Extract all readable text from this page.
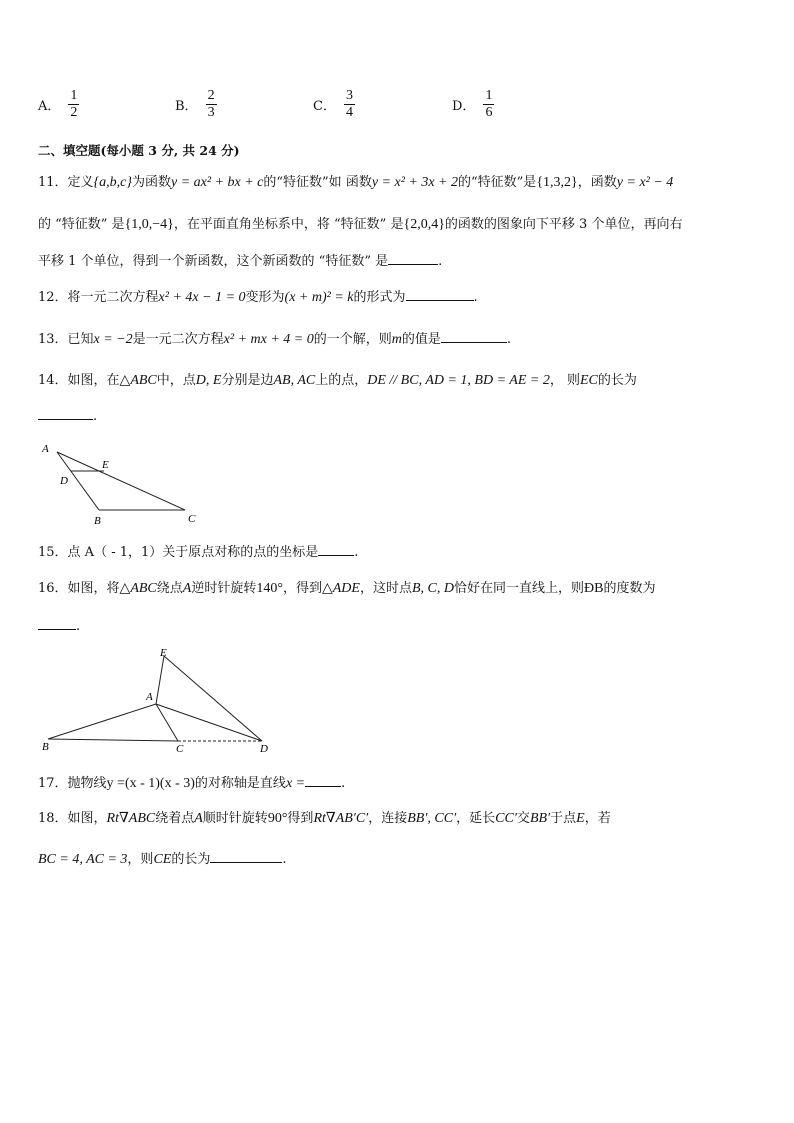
A． $\frac{1}{2}$	B． $\frac{2}{3}$	C． $\frac{3}{4}$	D． $\frac{1}{6}$
二、填空题(每小题 3 分, 共 24 分)
11．定义{a,b,c}为函数y = ax² + bx + c的“特征数”如 函数y = x² + 3x + 2的“特征数”是{1,3,2}，函数y = x² − 4
的 “特征数” 是{1,0,−4}，在平面直角坐标系中，将 “特征数” 是{2,0,4}的函数的图象向下平移 3 个单位，再向右
平移 1 个单位，得到一个新函数，这个新函数的 “特征数” 是	.
12．将一元二次方程x² + 4x − 1 = 0变形为(x + m)² = k的形式为	.
13．已知x = −2是一元二次方程x² + mx + 4 = 0的一个解，则m的值是	.
14．如图，在△ABC中，点D, E分别是边AB, AC上的点，DE // BC, AD = 1, BD = AE = 2， 则EC的长为
.
A
E
D
B	C
15．点 A（ - 1，1）关于原点对称的点的坐标是	.
16．如图，将△ABC绕点A逆时针旋转140°，得到△ADE，这时点B, C, D恰好在同一直线上，则ÐB的度数为
.
E
A
B	C	D
17．抛物线y =(x - 1)(x - 3)的对称轴是直线x =	.
18．如图，Rt∇ABC绕着点A顺时针旋转90°得到Rt∇AB′C′，连接BB′, CC′，延长CC′交BB′于点E，若
BC = 4, AC = 3，则CE的长为	.
